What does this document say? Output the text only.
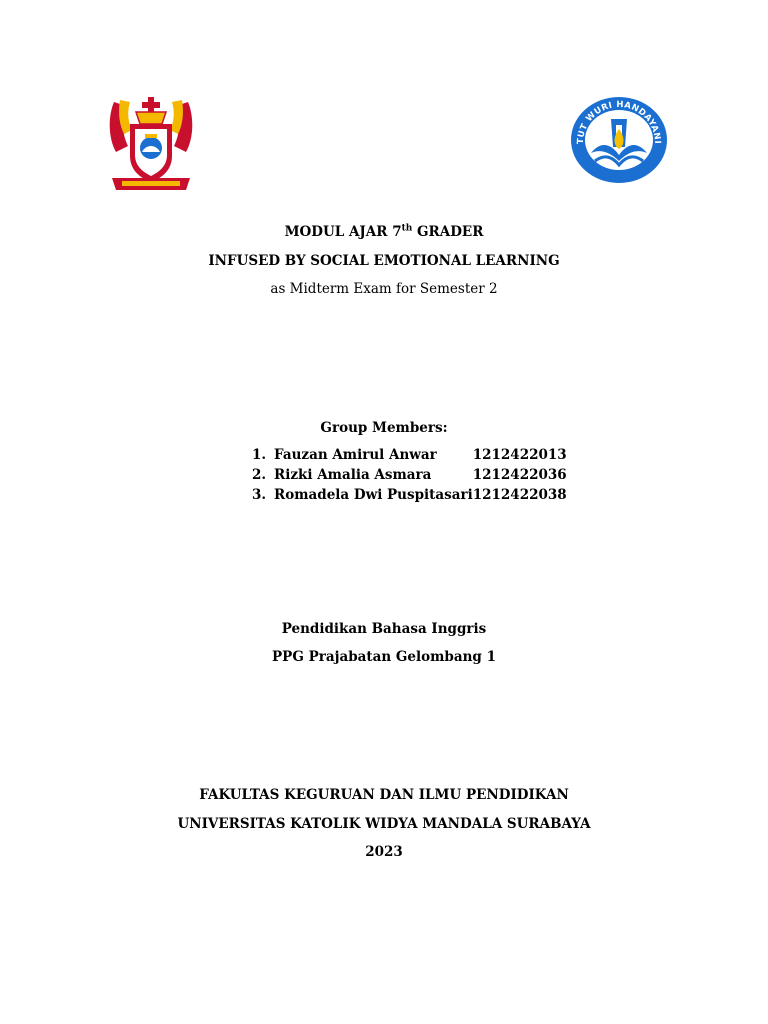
TUT WURI HANDAYANI
MODUL AJAR 7th GRADER
INFUSED BY SOCIAL EMOTIONAL LEARNING
as Midterm Exam for Semester 2
Group Members:
1.	Fauzan Amirul Anwar	1212422013
2.	Rizki Amalia Asmara	1212422036
3.	Romadela Dwi Puspitasari	1212422038
Pendidikan Bahasa Inggris
PPG Prajabatan Gelombang 1
FAKULTAS KEGURUAN DAN ILMU PENDIDIKAN
UNIVERSITAS KATOLIK WIDYA MANDALA SURABAYA
2023
